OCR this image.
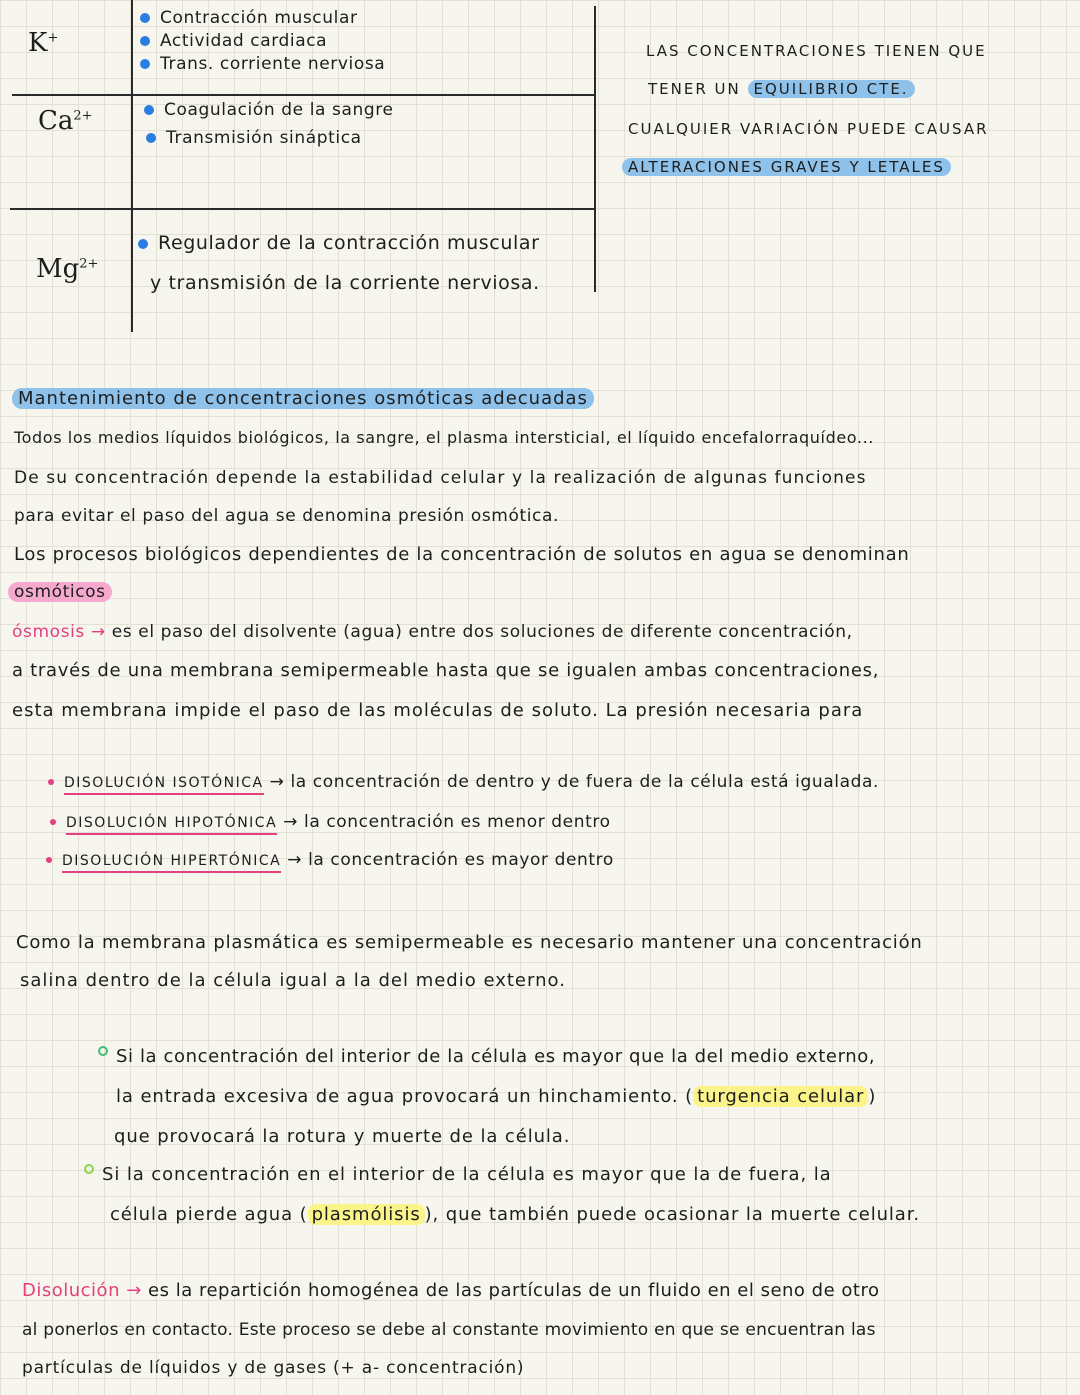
K+
Contracción muscular
Actividad cardiaca
Trans. corriente nerviosa
$Ca^{2+}$	Coagulación de la sangre
Transmisión sináptica
$Mg^{2+}$
Regulador de la contracción muscular
y transmisión de la corriente nerviosa.
LAS CONCENTRACIONES TIENEN QUE
TENER UN EQUILIBRIO CTE.
CUALQUIER VARIACIÓN PUEDE CAUSAR
ALTERACIONES GRAVES Y LETALES
Mantenimiento de concentraciones osmóticas adecuadas
Todos los medios líquidos biológicos, la sangre, el plasma intersticial, el líquido encefalorraquídeo...
De su concentración depende la estabilidad celular y la realización de algunas funciones
para evitar el paso del agua se denomina presión osmótica.
Los procesos biológicos dependientes de la concentración de solutos en agua se denominan
osmóticos
ósmosis → es el paso del disolvente (agua) entre dos soluciones de diferente concentración,
a través de una membrana semipermeable hasta que se igualen ambas concentraciones,
esta membrana impide el paso de las moléculas de soluto. La presión necesaria para
DISOLUCIÓN ISOTÓNICA → la concentración de dentro y de fuera de la célula está igualada.
DISOLUCIÓN HIPOTÓNICA → la concentración es menor dentro
DISOLUCIÓN HIPERTÓNICA → la concentración es mayor dentro
Como la membrana plasmática es semipermeable es necesario mantener una concentración
salina dentro de la célula igual a la del medio externo.
Si la concentración del interior de la célula es mayor que la del medio externo,
la entrada excesiva de agua provocará un hinchamiento. ( turgencia celular )
que provocará la rotura y muerte de la célula.
Si la concentración en el interior de la célula es mayor que la de fuera, la
célula pierde agua ( plasmólisis ), que también puede ocasionar la muerte celular.
Disolución → es la repartición homogénea de las partículas de un fluido en el seno de otro
al ponerlos en contacto. Este proceso se debe al constante movimiento en que se encuentran las
partículas de líquidos y de gases (+ a- concentración)
